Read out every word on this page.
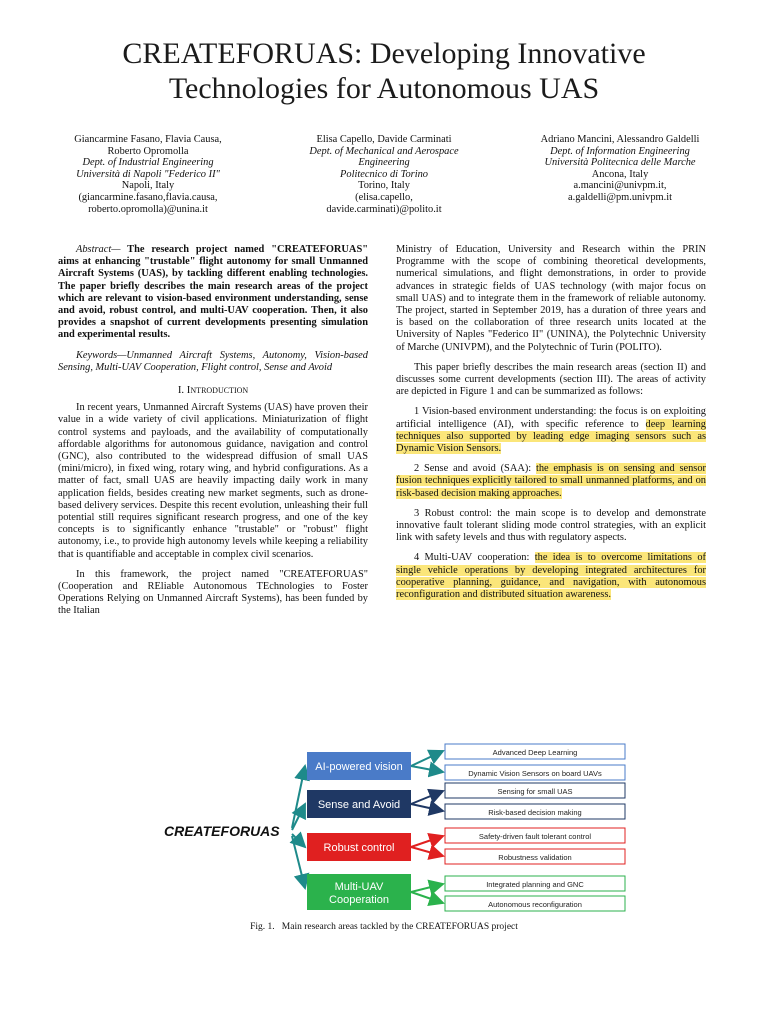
CREATEFORUAS: Developing Innovative
Technologies for Autonomous UAS
Giancarmine Fasano, Flavia Causa,
Roberto Opromolla
Dept. of Industrial Engineering
Università di Napoli "Federico II"
Napoli, Italy
(giancarmine.fasano,flavia.causa,
roberto.opromolla)@unina.it
Elisa Capello, Davide Carminati
Dept. of Mechanical and Aerospace
Engineering
Politecnico di Torino
Torino, Italy
(elisa.capello,
davide.carminati)@polito.it
Adriano Mancini, Alessandro Galdelli
Dept. of Information Engineering
Università Politecnica delle Marche
Ancona, Italy
a.mancini@univpm.it,
a.galdelli@pm.univpm.it

Abstract— The research project named "CREATEFORUAS" aims at enhancing "trustable" flight autonomy for small Unmanned Aircraft Systems (UAS), by tackling different enabling technologies. The paper briefly describes the main research areas of the project which are relevant to vision-based environment understanding, sense and avoid, robust control, and multi-UAV cooperation. Then, it also provides a snapshot of current developments presenting simulation and experimental results.

Keywords—Unmanned Aircraft Systems, Autonomy, Vision-based Sensing, Multi-UAV Cooperation, Flight control, Sense and Avoid

I. Introduction

In recent years, Unmanned Aircraft Systems (UAS) have proven their value in a wide variety of civil applications. Miniaturization of flight control systems and payloads, and the availability of computationally affordable algorithms for autonomous guidance, navigation and control (GNC), also contributed to the widespread diffusion of small UAS (mini/micro), in fixed wing, rotary wing, and hybrid configurations. As a matter of fact, small UAS are heavily impacting daily work in many application fields, besides creating new market segments, such as drone-based delivery services. Despite this recent evolution, unleashing their full potential still requires significant research progress, and one of the key concepts is to significantly enhance "trustable" or "robust" flight autonomy, i.e., to provide high autonomy levels while keeping a reliability that is quantifiable and acceptable in complex civil scenarios.

In this framework, the project named "CREATEFORUAS" (Cooperation and REliable Autonomous TEchnologies to Foster Operations Relying on Unmanned Aircraft Systems), has been funded by the Italian

Ministry of Education, University and Research within the PRIN Programme with the scope of combining theoretical developments, numerical simulations, and flight demonstrations, in order to provide advances in strategic fields of UAS technology (with major focus on small UAS) and to integrate them in the framework of reliable autonomy. The project, started in September 2019, has a duration of three years and is based on the collaboration of three research units located at the University of Naples "Federico II" (UNINA), the Polytechnic University of Marche (UNIVPM), and the Polytechnic of Turin (POLITO).

This paper briefly describes the main research areas (section II) and discusses some current developments (section III). The areas of activity are depicted in Figure 1 and can be summarized as follows:

1 Vision-based environment understanding: the focus is on exploiting artificial intelligence (AI), with specific reference to deep learning techniques also supported by leading edge imaging sensors such as Dynamic Vision Sensors.

2 Sense and avoid (SAA): the emphasis is on sensing and sensor fusion techniques explicitly tailored to small unmanned platforms, and on risk-based decision making approaches.

3 Robust control: the main scope is to develop and demonstrate innovative fault tolerant sliding mode control strategies, with an explicit link with safety levels and thus with regulatory aspects.

4 Multi-UAV cooperation: the idea is to overcome limitations of single vehicle operations by developing integrated architectures for cooperative planning, guidance, and navigation, with autonomous reconfiguration and distributed situation awareness.

CREATEFORUAS
AI-powered vision
Advanced Deep Learning
Dynamic Vision Sensors on board UAVs
Sense and Avoid
Sensing for small UAS
Risk-based decision making
Robust control
Safety-driven fault tolerant control
Robustness validation
Multi-UAV
Cooperation
Integrated planning and GNC
Autonomous reconfiguration
Fig. 1. Main research areas tackled by the CREATEFORUAS project
